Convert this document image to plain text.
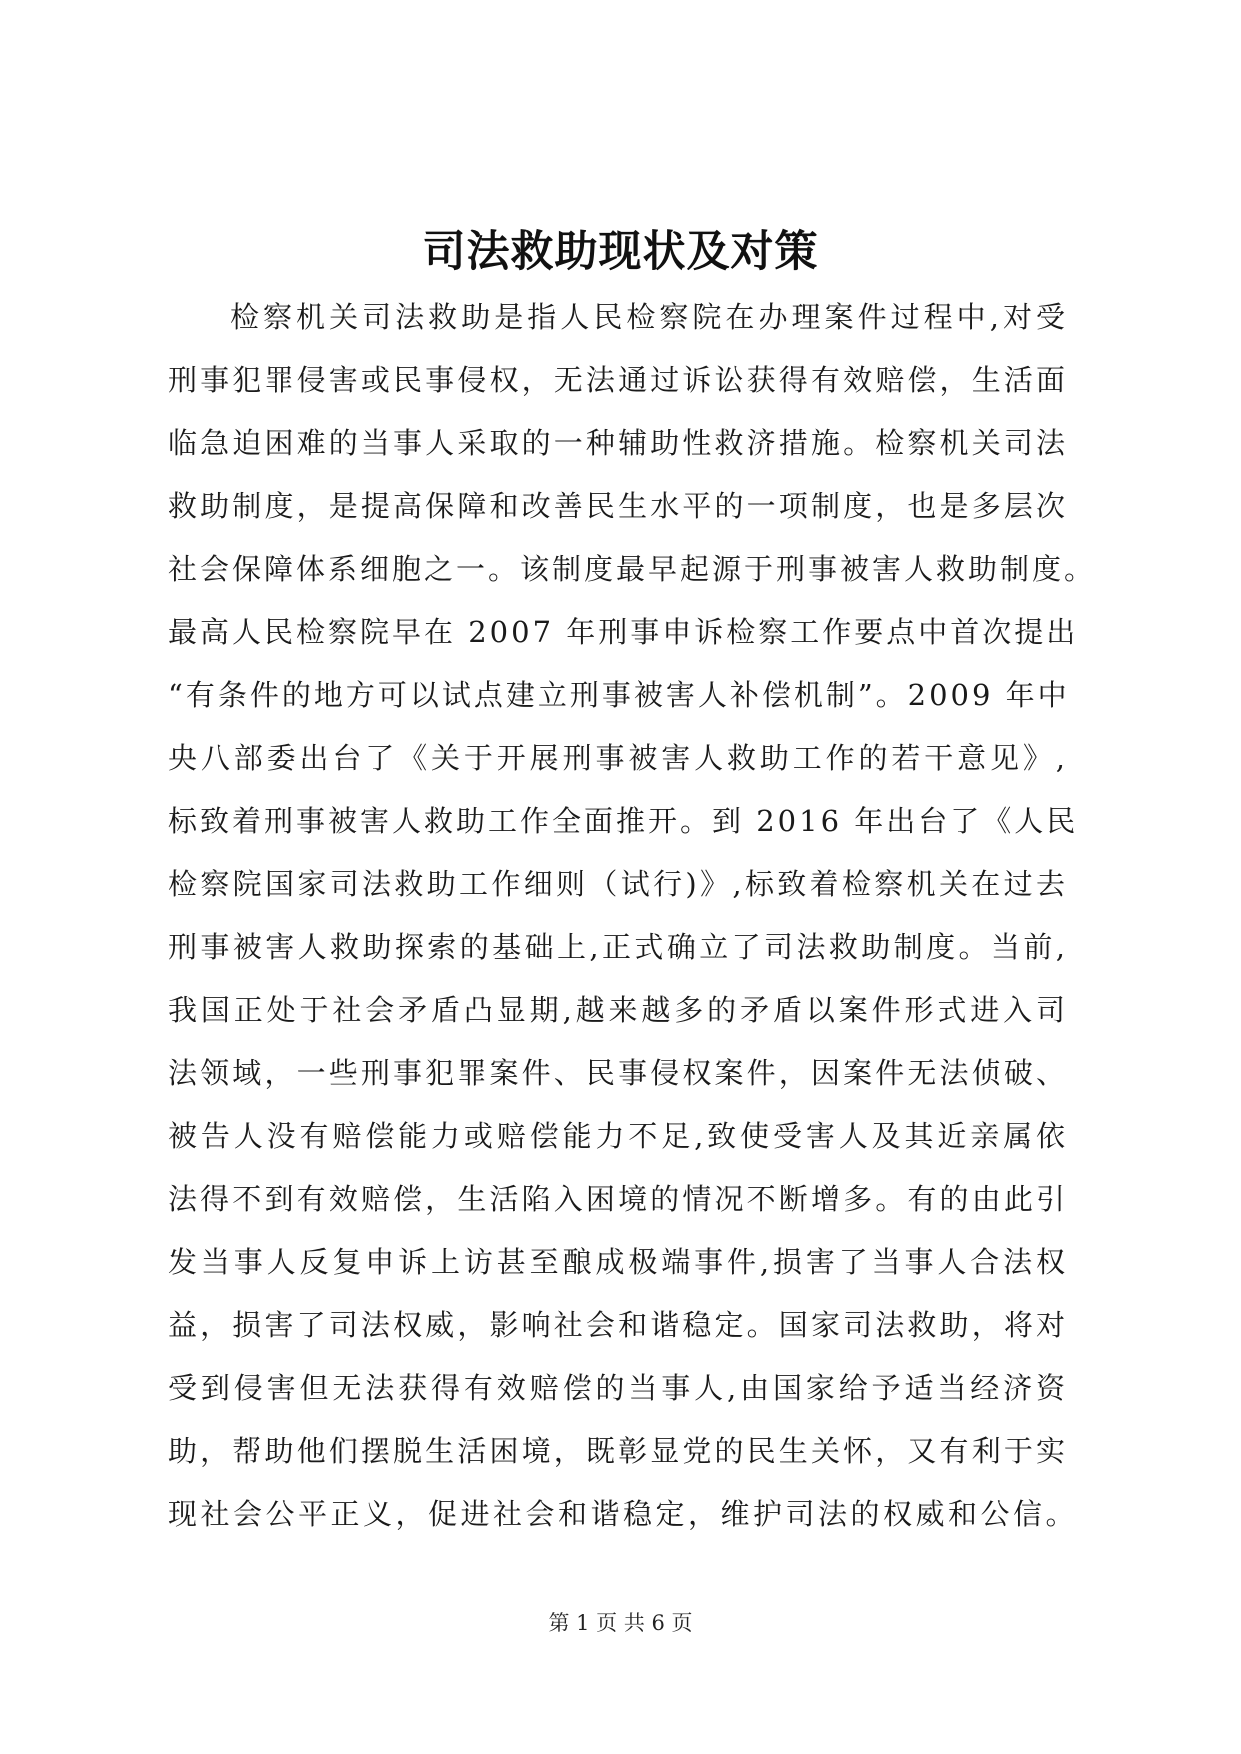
司法救助现状及对策
检察机关司法救助是指人民检察院在办理案件过程中,对受
刑事犯罪侵害或民事侵权，无法通过诉讼获得有效赔偿，生活面
临急迫困难的当事人采取的一种辅助性救济措施。检察机关司法
救助制度，是提高保障和改善民生水平的一项制度，也是多层次
社会保障体系细胞之一。该制度最早起源于刑事被害人救助制度。
最高人民检察院早在 2007 年刑事申诉检察工作要点中首次提出
“有条件的地方可以试点建立刑事被害人补偿机制”。2009 年中
央八部委出台了《关于开展刑事被害人救助工作的若干意见》,
标致着刑事被害人救助工作全面推开。到 2016 年出台了《人民
检察院国家司法救助工作细则（试行)》,标致着检察机关在过去
刑事被害人救助探索的基础上,正式确立了司法救助制度。当前,
我国正处于社会矛盾凸显期,越来越多的矛盾以案件形式进入司
法领域，一些刑事犯罪案件、民事侵权案件，因案件无法侦破、
被告人没有赔偿能力或赔偿能力不足,致使受害人及其近亲属依
法得不到有效赔偿，生活陷入困境的情况不断增多。有的由此引
发当事人反复申诉上访甚至酿成极端事件,损害了当事人合法权
益，损害了司法权威，影响社会和谐稳定。国家司法救助，将对
受到侵害但无法获得有效赔偿的当事人,由国家给予适当经济资
助，帮助他们摆脱生活困境，既彰显党的民生关怀，又有利于实
现社会公平正义，促进社会和谐稳定，维护司法的权威和公信。
第 1 页 共 6 页
